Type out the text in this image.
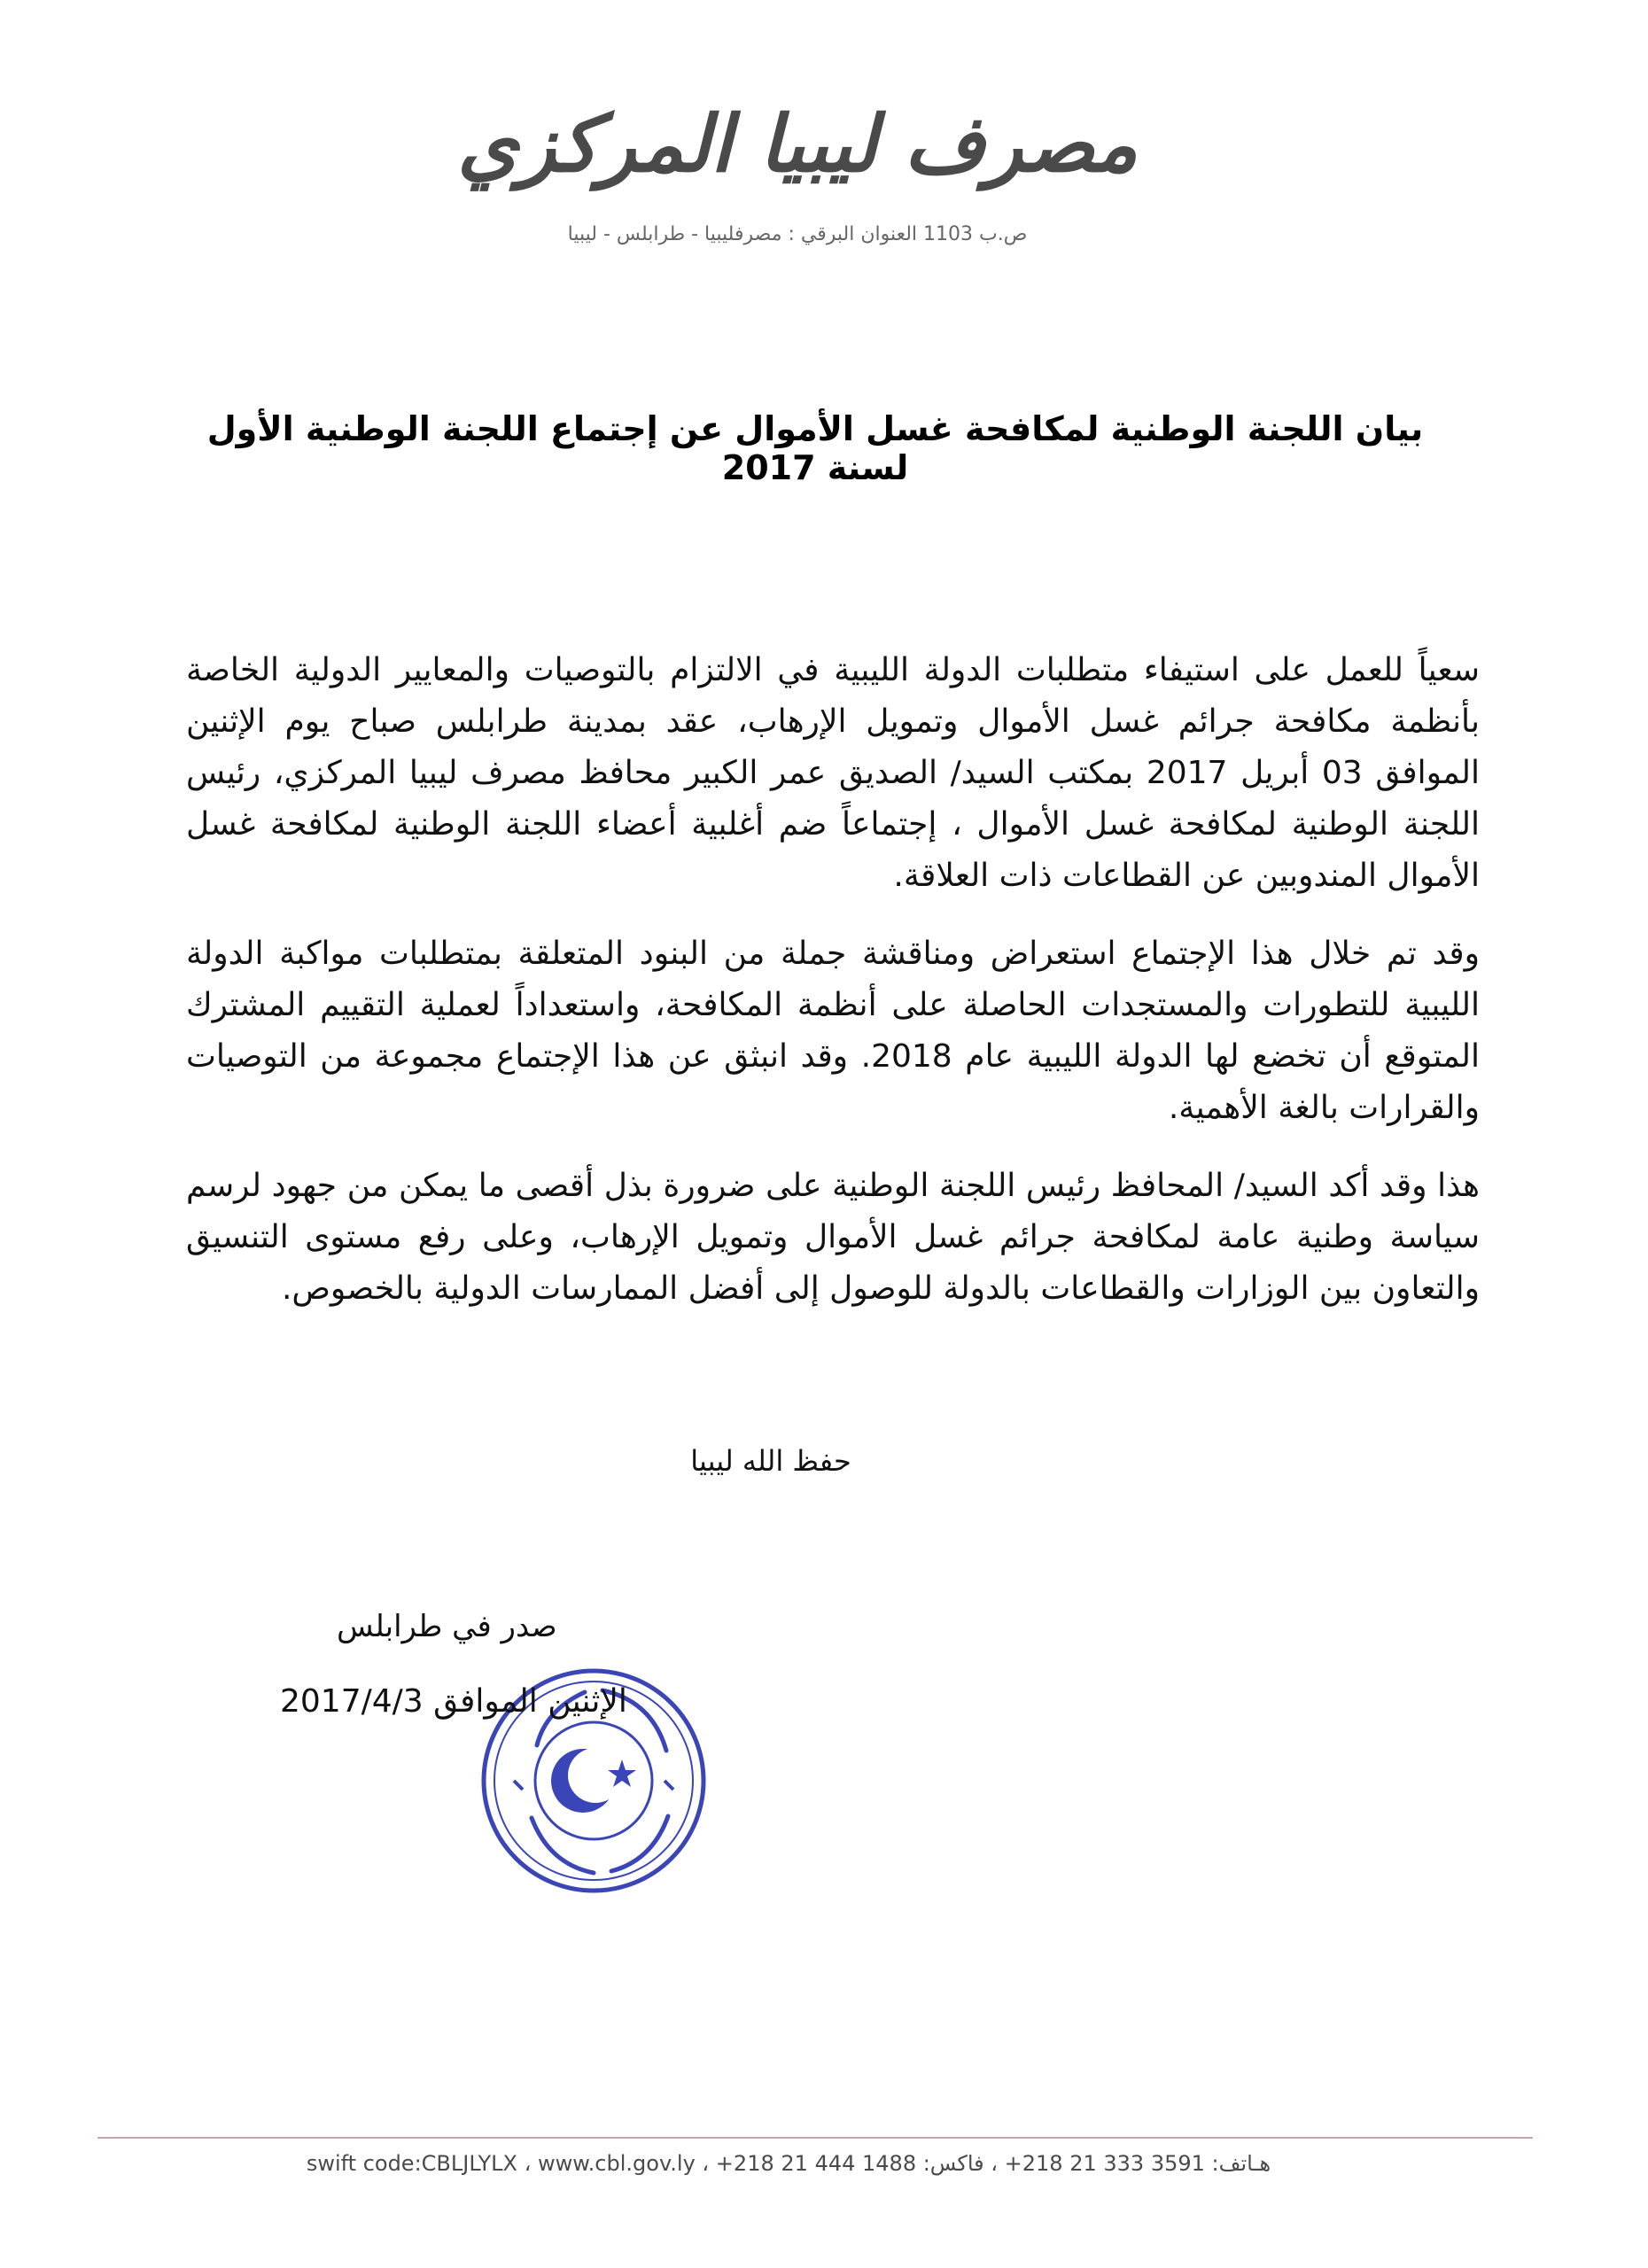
مصرف ليبيا المركزي
ص.ب 1103 العنوان البرقي : مصرفليبيا - طرابلس - ليبيا
بيان اللجنة الوطنية لمكافحة غسل الأموال عن إجتماع اللجنة الوطنية الأول لسنة 2017

سعياً للعمل على استيفاء متطلبات الدولة الليبية في الالتزام بالتوصيات والمعايير الدولية الخاصة بأنظمة مكافحة جرائم غسل الأموال وتمويل الإرهاب، عقد بمدينة طرابلس صباح يوم الإثنين الموافق 03 أبريل 2017 بمكتب السيد/ الصديق عمر الكبير محافظ مصرف ليبيا المركزي، رئيس اللجنة الوطنية لمكافحة غسل الأموال ، إجتماعاً ضم أغلبية أعضاء اللجنة الوطنية لمكافحة غسل الأموال المندوبين عن القطاعات ذات العلاقة.

وقد تم خلال هذا الإجتماع استعراض ومناقشة جملة من البنود المتعلقة بمتطلبات مواكبة الدولة الليبية للتطورات والمستجدات الحاصلة على أنظمة المكافحة، واستعداداً لعملية التقييم المشترك المتوقع أن تخضع لها الدولة الليبية عام 2018. وقد انبثق عن هذا الإجتماع مجموعة من التوصيات والقرارات بالغة الأهمية.

هذا وقد أكد السيد/ المحافظ رئيس اللجنة الوطنية على ضرورة بذل أقصى ما يمكن من جهود لرسم سياسة وطنية عامة لمكافحة جرائم غسل الأموال وتمويل الإرهاب، وعلى رفع مستوى التنسيق والتعاون بين الوزارات والقطاعات بالدولة للوصول إلى أفضل الممارسات الدولية بالخصوص.

حفظ الله ليبيا
صدر في طرابلس
الإثنين الموافق 2017/4/3
هـاتف: 3591 333 21 218+ ، فاكس: 1488 444 21 218+ ، swift code:CBLJLYLX ، www.cbl.gov.ly
